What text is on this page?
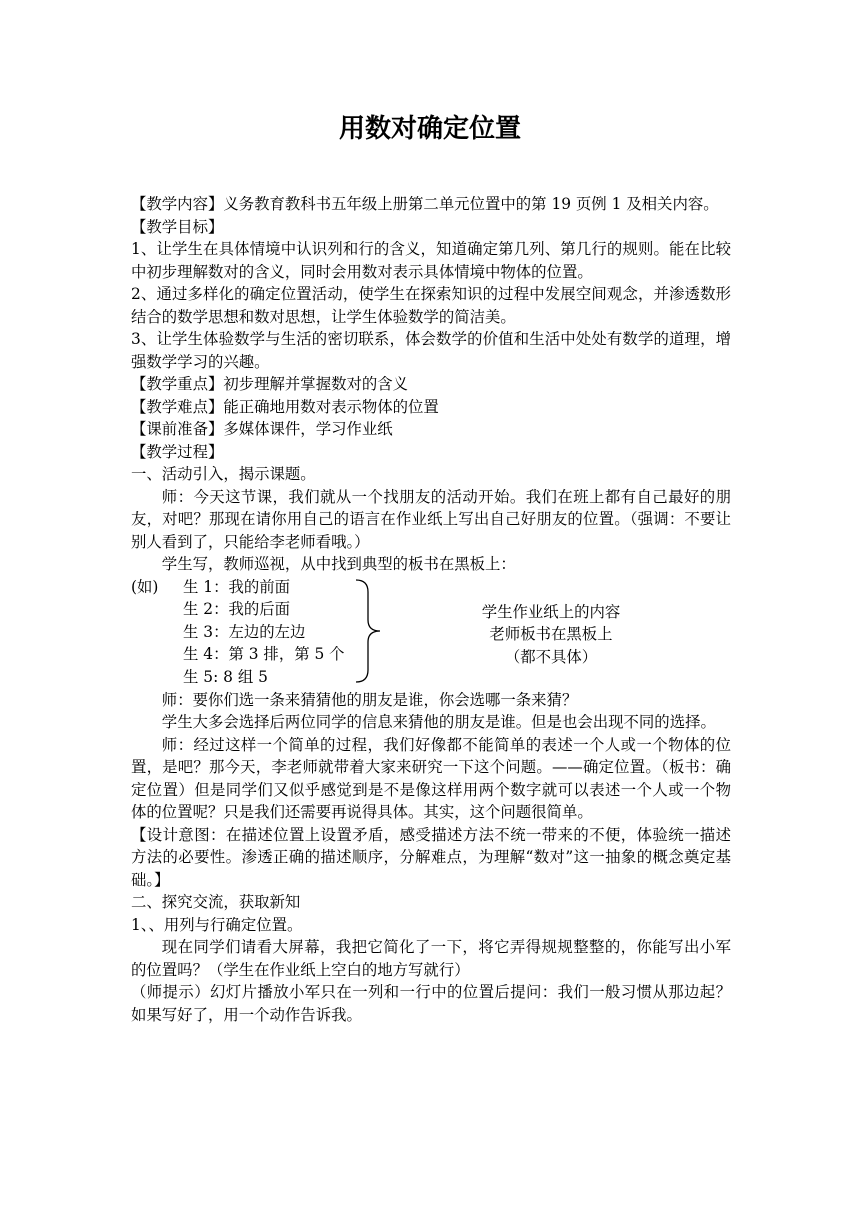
用数对确定位置

【教学内容】义务教育教科书五年级上册第二单元位置中的第 19 页例 1 及相关内容。

【教学目标】

1、让学生在具体情境中认识列和行的含义，知道确定第几列、第几行的规则。能在比较中初步理解数对的含义，同时会用数对表示具体情境中物体的位置。

2、通过多样化的确定位置活动，使学生在探索知识的过程中发展空间观念，并渗透数形结合的数学思想和数对思想，让学生体验数学的简洁美。

3、让学生体验数学与生活的密切联系，体会数学的价值和生活中处处有数学的道理，增强数学学习的兴趣。

【教学重点】初步理解并掌握数对的含义

【教学难点】能正确地用数对表示物体的位置

【课前准备】多媒体课件，学习作业纸

【教学过程】

一、活动引入，揭示课题。

师：今天这节课，我们就从一个找朋友的活动开始。我们在班上都有自己最好的朋友，对吧？那现在请你用自己的语言在作业纸上写出自己好朋友的位置。（强调：不要让别人看到了，只能给李老师看哦。）

学生写，教师巡视，从中找到典型的板书在黑板上：

(如) 生 1：我的前面
生 2：我的后面
生 3：左边的左边
生 4：第 3 排，第 5 个
生 5: 8 组 5
学生作业纸上的内容
老师板书在黑板上
（都不具体）

师：要你们选一条来猜猜他的朋友是谁，你会选哪一条来猜？

学生大多会选择后两位同学的信息来猜他的朋友是谁。但是也会出现不同的选择。

师：经过这样一个简单的过程，我们好像都不能简单的表述一个人或一个物体的位置，是吧？那今天，李老师就带着大家来研究一下这个问题。——确定位置。（板书：确定位置）但是同学们又似乎感觉到是不是像这样用两个数字就可以表述一个人或一个物体的位置呢？只是我们还需要再说得具体。其实，这个问题很简单。

【设计意图：在描述位置上设置矛盾，感受描述方法不统一带来的不便，体验统一描述方法的必要性。渗透正确的描述顺序，分解难点，为理解“数对”这一抽象的概念奠定基础。】

二、探究交流，获取新知

1、、用列与行确定位置。

现在同学们请看大屏幕，我把它简化了一下，将它弄得规规整整的，你能写出小军的位置吗？（学生在作业纸上空白的地方写就行）

（师提示）幻灯片播放小军只在一列和一行中的位置后提问：我们一般习惯从那边起？如果写好了，用一个动作告诉我。
